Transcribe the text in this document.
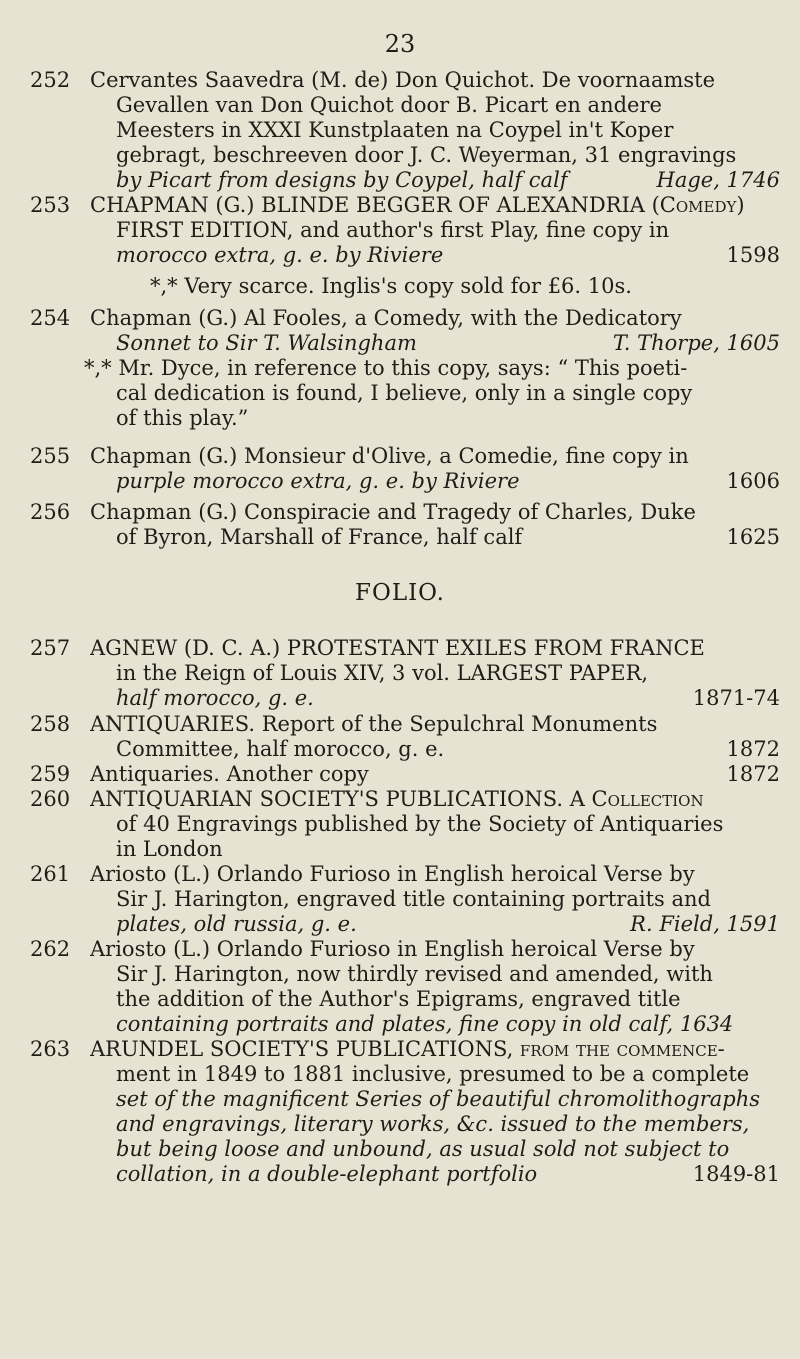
23
252 Cervantes Saavedra (M. de) Don Quichot. De voornaamste
Gevallen van Don Quichot door B. Picart en andere
Meesters in XXXI Kunstplaaten na Coypel in't Koper
gebragt, beschreeven door J. C. Weyerman, 31 engravings
by Picart from designs by Coypel, half calf	Hage, 1746
253 CHAPMAN (G.) BLINDE BEGGER OF ALEXANDRIA (Comedy)
FIRST EDITION, and author's first Play, fine copy in
morocco extra, g. e. by Riviere	1598
*,* Very scarce. Inglis's copy sold for £6. 10s.
254 Chapman (G.) Al Fooles, a Comedy, with the Dedicatory
Sonnet to Sir T. Walsingham	T. Thorpe, 1605
*,* Mr. Dyce, in reference to this copy, says: “ This poeti-
cal dedication is found, I believe, only in a single copy
of this play.”
255 Chapman (G.) Monsieur d'Olive, a Comedie, fine copy in
purple morocco extra, g. e. by Riviere	1606
256 Chapman (G.) Conspiracie and Tragedy of Charles, Duke
of Byron, Marshall of France, half calf	1625
FOLIO.
257 AGNEW (D. C. A.) PROTESTANT EXILES FROM FRANCE
in the Reign of Louis XIV, 3 vol. LARGEST PAPER,
half morocco, g. e.	1871-74
258 ANTIQUARIES. Report of the Sepulchral Monuments
Committee, half morocco, g. e.	1872
259 Antiquaries. Another copy	1872
260 ANTIQUARIAN SOCIETY'S PUBLICATIONS. A Collection
of 40 Engravings published by the Society of Antiquaries
in London
261 Ariosto (L.) Orlando Furioso in English heroical Verse by
Sir J. Harington, engraved title containing portraits and
plates, old russia, g. e.	R. Field, 1591
262 Ariosto (L.) Orlando Furioso in English heroical Verse by
Sir J. Harington, now thirdly revised and amended, with
the addition of the Author's Epigrams, engraved title
containing portraits and plates, fine copy in old calf, 1634
263 ARUNDEL SOCIETY'S PUBLICATIONS, from the commence-
ment in 1849 to 1881 inclusive, presumed to be a complete
set of the magnificent Series of beautiful chromolithographs
and engravings, literary works, &c. issued to the members,
but being loose and unbound, as usual sold not subject to
collation, in a double-elephant portfolio	1849-81
